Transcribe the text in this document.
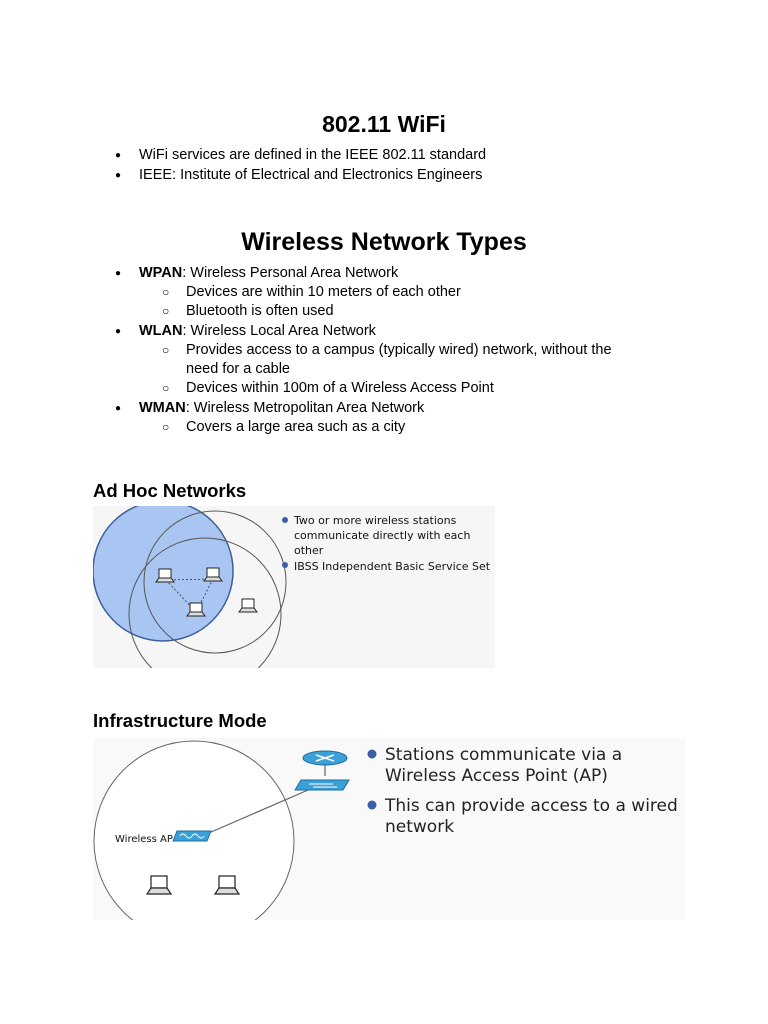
802.11 WiFi
● WiFi services are defined in the IEEE 802.11 standard
● IEEE: Institute of Electrical and Electronics Engineers
Wireless Network Types
● WPAN: Wireless Personal Area Network
○ Devices are within 10 meters of each other
○ Bluetooth is often used
● WLAN: Wireless Local Area Network
○ Provides access to a campus (typically wired) network, without the
need for a cable
○ Devices within 100m of a Wireless Access Point
● WMAN: Wireless Metropolitan Area Network
○ Covers a large area such as a city
Ad Hoc Networks
Two or more wireless stations communicate directly with each other
IBSS Independent Basic Service Set
Infrastructure Mode
Wireless AP
Stations communicate via a Wireless Access Point (AP)
This can provide access to a wired network
